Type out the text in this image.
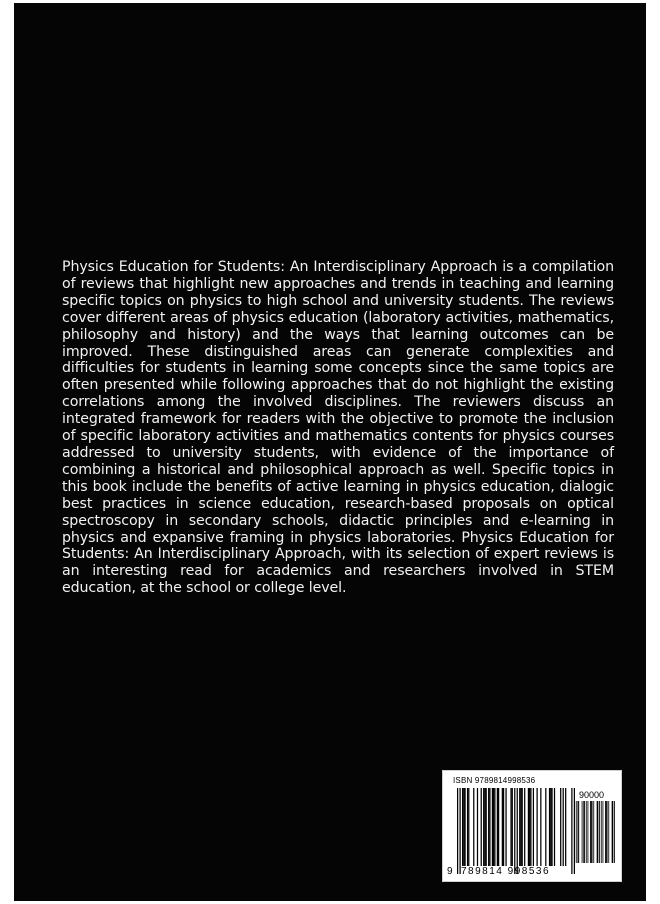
Physics Education for Students: An Interdisciplinary Approach is a compilation of reviews that highlight new approaches and trends in teaching and learning specific topics on physics to high school and university students. The reviews cover different areas of physics education (laboratory activities, mathematics, philosophy and history) and the ways that learning outcomes can be improved. These distinguished areas can generate complexities and difficulties for students in learning some concepts since the same topics are often presented while following approaches that do not highlight the existing correlations among the involved disciplines. The reviewers discuss an integrated framework for readers with the objective to promote the inclusion of specific laboratory activities and mathematics contents for physics courses addressed to university students, with evidence of the importance of combining a historical and philosophical approach as well. Specific topics in this book include the benefits of active learning in physics education, dialogic best practices in science education, research-based proposals on optical spectroscopy in secondary schools, didactic principles and e-learning in physics and expansive framing in physics laboratories. Physics Education for Students: An Interdisciplinary Approach, with its selection of expert reviews is an interesting read for academics and researchers involved in STEM education, at the school or college level.

ISBN 9789814998536
90000
9 789814 998536
